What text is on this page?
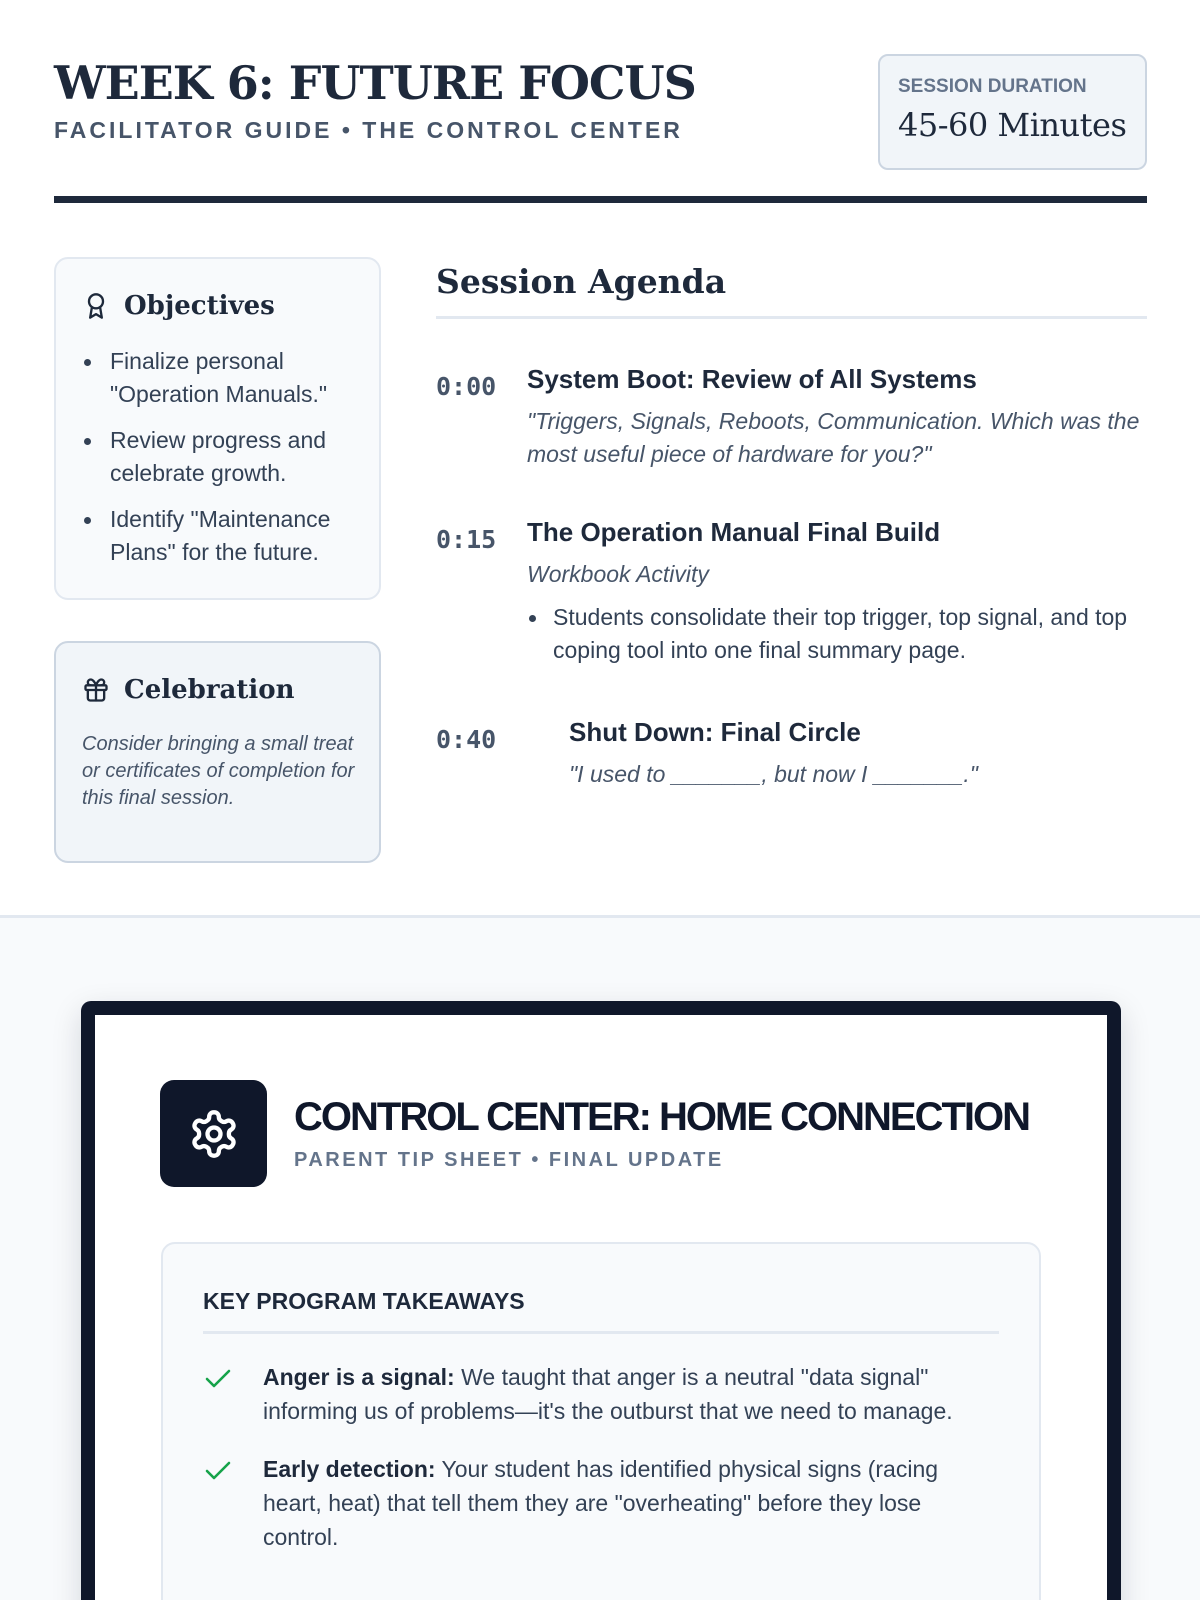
WEEK 6: FUTURE FOCUS
FACILITATOR GUIDE • THE CONTROL CENTER
SESSION DURATION
45-60 Minutes
Objectives
Finalize personal "Operation Manuals."
Review progress and celebrate growth.
Identify "Maintenance Plans" for the future.
Celebration
Consider bringing a small treat or certificates of completion for this final session.
Session Agenda
0:00 System Boot: Review of All Systems
"Triggers, Signals, Reboots, Communication. Which was the most useful piece of hardware for you?"
0:15 The Operation Manual Final Build
Workbook Activity
Students consolidate their top trigger, top signal, and top coping tool into one final summary page.
0:40	Shut Down: Final Circle
"I used to _______, but now I _______."
CONTROL CENTER: HOME CONNECTION
PARENT TIP SHEET • FINAL UPDATE
KEY PROGRAM TAKEAWAYS
Anger is a signal: We taught that anger is a neutral "data signal" informing us of problems—it's the outburst that we need to manage.
Early detection: Your student has identified physical signs (racing heart, heat) that tell them they are "overheating" before they lose control.
